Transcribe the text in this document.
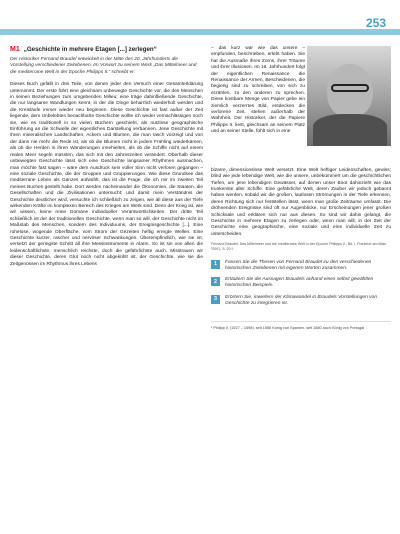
253
M1 „Geschichte in mehrere Etagen [...] zerlegen“
Der Historiker Fernand Braudel entwickelt in der Mitte des 20. Jahrhunderts die Vorstellung verschiedener Zeitebenen. Im Vorwort zu seinem Werk „Das Mittelmeer und die mediterrane Welt in der Epoche Philipps II.“ schreibt er:
Dieses Buch gefällt in drei Teile, von denen jeder den Versuch einer Gesamterklärung unternimmt. Der erste führt eine gleichsam unbewegte Geschichte vor, die des Menschen in seinen Beziehungen zum umgebenden Milieu; eine träge dahinfließende Geschichte, die nur langsame Wandlungen kennt, in der die Dinge beharrlich wiederholt werden und die Kreisläufe immer wieder neu beginnen. Diese Geschichte ist fast außer der Zeit liegende, dem Unbelebten benachbarte Geschichte wollte ich weder vernachlässigen noch sie, wie es traditionell in so vielen Büchern geschieht, als nutzlose geographische Einführung an die Schwelle der eigentlichen Darstellung verbannen. Jene Geschichte mit ihren mineralischen Landschaften, Ackern und Blumen, die man rasch vorzeigt und von der dann nie mehr die Rede ist, als ob die Blumen nicht in jedem Frühling wiederkämen, als ob die Herden in ihren Wanderungen innehielten, als ob die Schiffe nicht auf einem realen Meer segeln müssten, das sich mit den Jahreszeiten verändert. Oberhalb dieser unbewegten Geschichte lässt sich eine Geschichte langsamer Rhythmen ausmachen, man möchte fast sagen – wäre dem Ausdruck sein voller Sinn nicht verloren gegangen – eine soziale Geschichte, die der Gruppen und Gruppierungen. Wie diese Grundsee das mediterrane Leben als Ganzes aufwühlt, das ist die Frage, die ich mir im zweiten Teil meines Buches gestellt habe. Dort werden nacheinander die Ökonomien, die Staaten, die Gesellschaften und die Zivilisationen untersucht; und damit mein Verständnis der Geschichte deutlicher wird, versuchte ich schließlich zu zeigen, wie all diese aus der Tiefe wirkenden Kräfte im komplexen Bereich des Krieges am Werk sind. Denn der Krieg ist, wie wir wissen, keine reine Domäne individueller Verantwortlichkeiten. Der dritte Teil schließlich ist der der traditionellen Geschichte, wenn man so will, der Geschichte nicht im Maßstab des Menschen, sondern des Individuums, der Ereignisgeschichte [...]. Eine ruhelose, wogende Oberfläche, vom Strom der Gezeiten heftig erregte Wellen. Eine Geschichte kurzer, rascher und nervöser Schwankungen. Überempfindlich, wie sie ist, versetzt der geringste Schritt all ihre Messinstrumente in Alarm. So ist sie von allen die leidenschaftlichste, menschlich reichste, doch die gefährlichste auch. Misstrauen wir dieser Geschichte, deren Glut noch nicht abgekühlt ist, der Geschichte, wie sie die Zeitgenossen im Rhythmus ihres Lebens
– das kurz war wie das unsere – empfunden, beschrieben, erlebt haben. Sie hat die Ausmaße ihres Zorns, ihrer Träume und ihrer Illusionen. Im 16. Jahrhundert folgt der eigentlichen Renaissance die Renaissance der Armen, Bescheidenen, die begierig sind zu schreiben, von sich zu erzählen, zu den anderen zu sprechen. Diese kostbare Menge von Papier gebe ein ziemlich verzerrtes Bild, entdecken die verlorene Zeit, stehen außerhalb der Wahrheit. Der Historiker, der die Papiere Philipps II. liest, gleichsam an seinem Platz und an seiner Stelle, fühlt sich in eine
bizarre, dimensionslose Welt versetzt. Eine Welt heftiger Leidenschaften, gewiss; blind wie jede lebendige Welt, wie die unsere, unbekümmert um die geschichtlichen Tiefen, um jene lebendigen Gewässer, auf denen unser Boot dahinzieht wie das trunkenste aller Schiffe. Eine gefährliche Welt, deren Zauber wir jedoch gebannt haben werden, sobald wir die großen, lautlosen Strömungen in der Tiefe erkennen, deren Richtung sich nur feststellen lässt, wenn man große Zeiträume umfasst. Die dröhnenden Ereignisse sind oft nur Augenblicke, nur Erscheinungen jener großen Schicksale und erklären sich nur aus diesen. So sind wir dahin gelangt, die Geschichte in mehrere Etagen zu zerlegen oder, wenn man will, in der Zeit der Geschichte eine geographische, eine soziale und eine individuelle Zeit zu unterscheiden.
Fernand Braudel, Das Mittelmeer und die mediterrane Welt in der Epoche Philipps II., Bd. I, Frankfurt am Main ²2001, S. 20 f.
1	Fassen Sie die Thesen von Fernand Braudel zu den verschiedenen historischen Zeitebenen mit eigenen Worten zusammen.
2	Erläutern Sie die Aussagen Braudels anhand eines selbst gewählten historischen Beispiels.
3	Erörtern Sie, inwiefern der Klimawandel in Braudels Vorstellungen von Geschichte zu integrieren ist.
¹ Philipp II. (1527 – 1598): seit 1556 König von Spanien, seit 1580 auch König von Portugal
